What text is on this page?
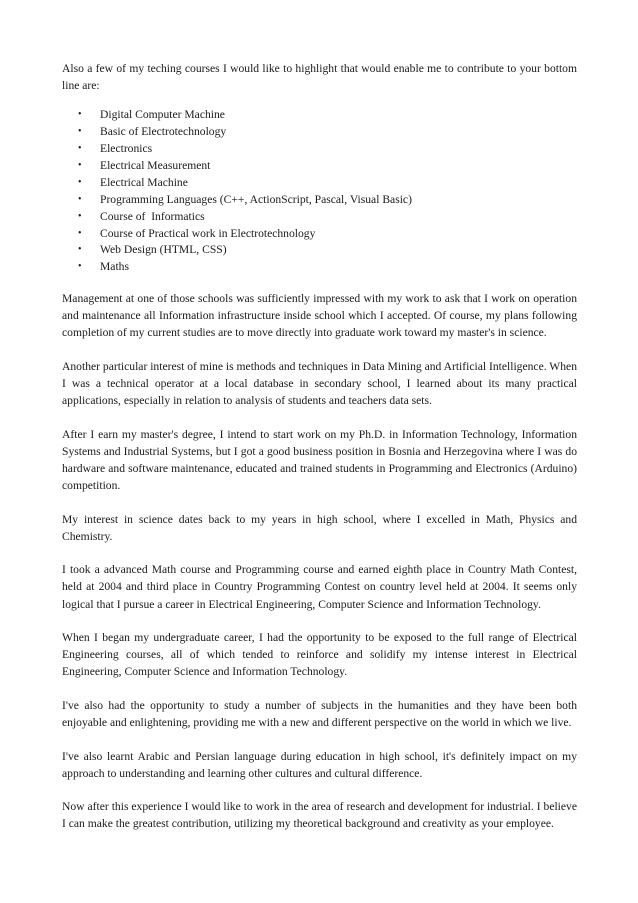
Also a few of my teching courses I would like to highlight that would enable me to contribute to your bottom line are:

• Digital Computer Machine
• Basic of Electrotechnology
• Electronics
• Electrical Measurement
• Electrical Machine
• Programming Languages (C++, ActionScript, Pascal, Visual Basic)
• Course of  Informatics
• Course of Practical work in Electrotechnology
• Web Design (HTML, CSS)
• Maths

Management at one of those schools was sufficiently impressed with my work to ask that I work on operation and maintenance all Information infrastructure inside school which I accepted. Of course, my plans following completion of my current studies are to move directly into graduate work toward my master's in science.

Another particular interest of mine is methods and techniques in Data Mining and Artificial Intelligence. When I was a technical operator at a local database in secondary school, I learned about its many practical applications, especially in relation to analysis of students and teachers data sets.

After I earn my master's degree, I intend to start work on my Ph.D. in Information Technology, Information Systems and Industrial Systems, but I got a good business position in Bosnia and Herzegovina where I was do hardware and software maintenance, educated and trained students in Programming and Electronics (Arduino) competition.

My interest in science dates back to my years in high school, where I excelled in Math, Physics and Chemistry.

I took a advanced Math course and Programming course and earned eighth place in Country Math Contest, held at 2004 and third place in Country Programming Contest on country level held at 2004. It seems only logical that I pursue a career in Electrical Engineering, Computer Science and Information Technology.

When I began my undergraduate career, I had the opportunity to be exposed to the full range of Electrical Engineering courses, all of which tended to reinforce and solidify my intense interest in Electrical Engineering, Computer Science and Information Technology.

I've also had the opportunity to study a number of subjects in the humanities and they have been both enjoyable and enlightening, providing me with a new and different perspective on the world in which we live.

I've also learnt Arabic and Persian language during education in high school, it's definitely impact on my approach to understanding and learning other cultures and cultural difference.

Now after this experience I would like to work in the area of research and development for industrial. I believe I can make the greatest contribution, utilizing my theoretical background and creativity as your employee.
